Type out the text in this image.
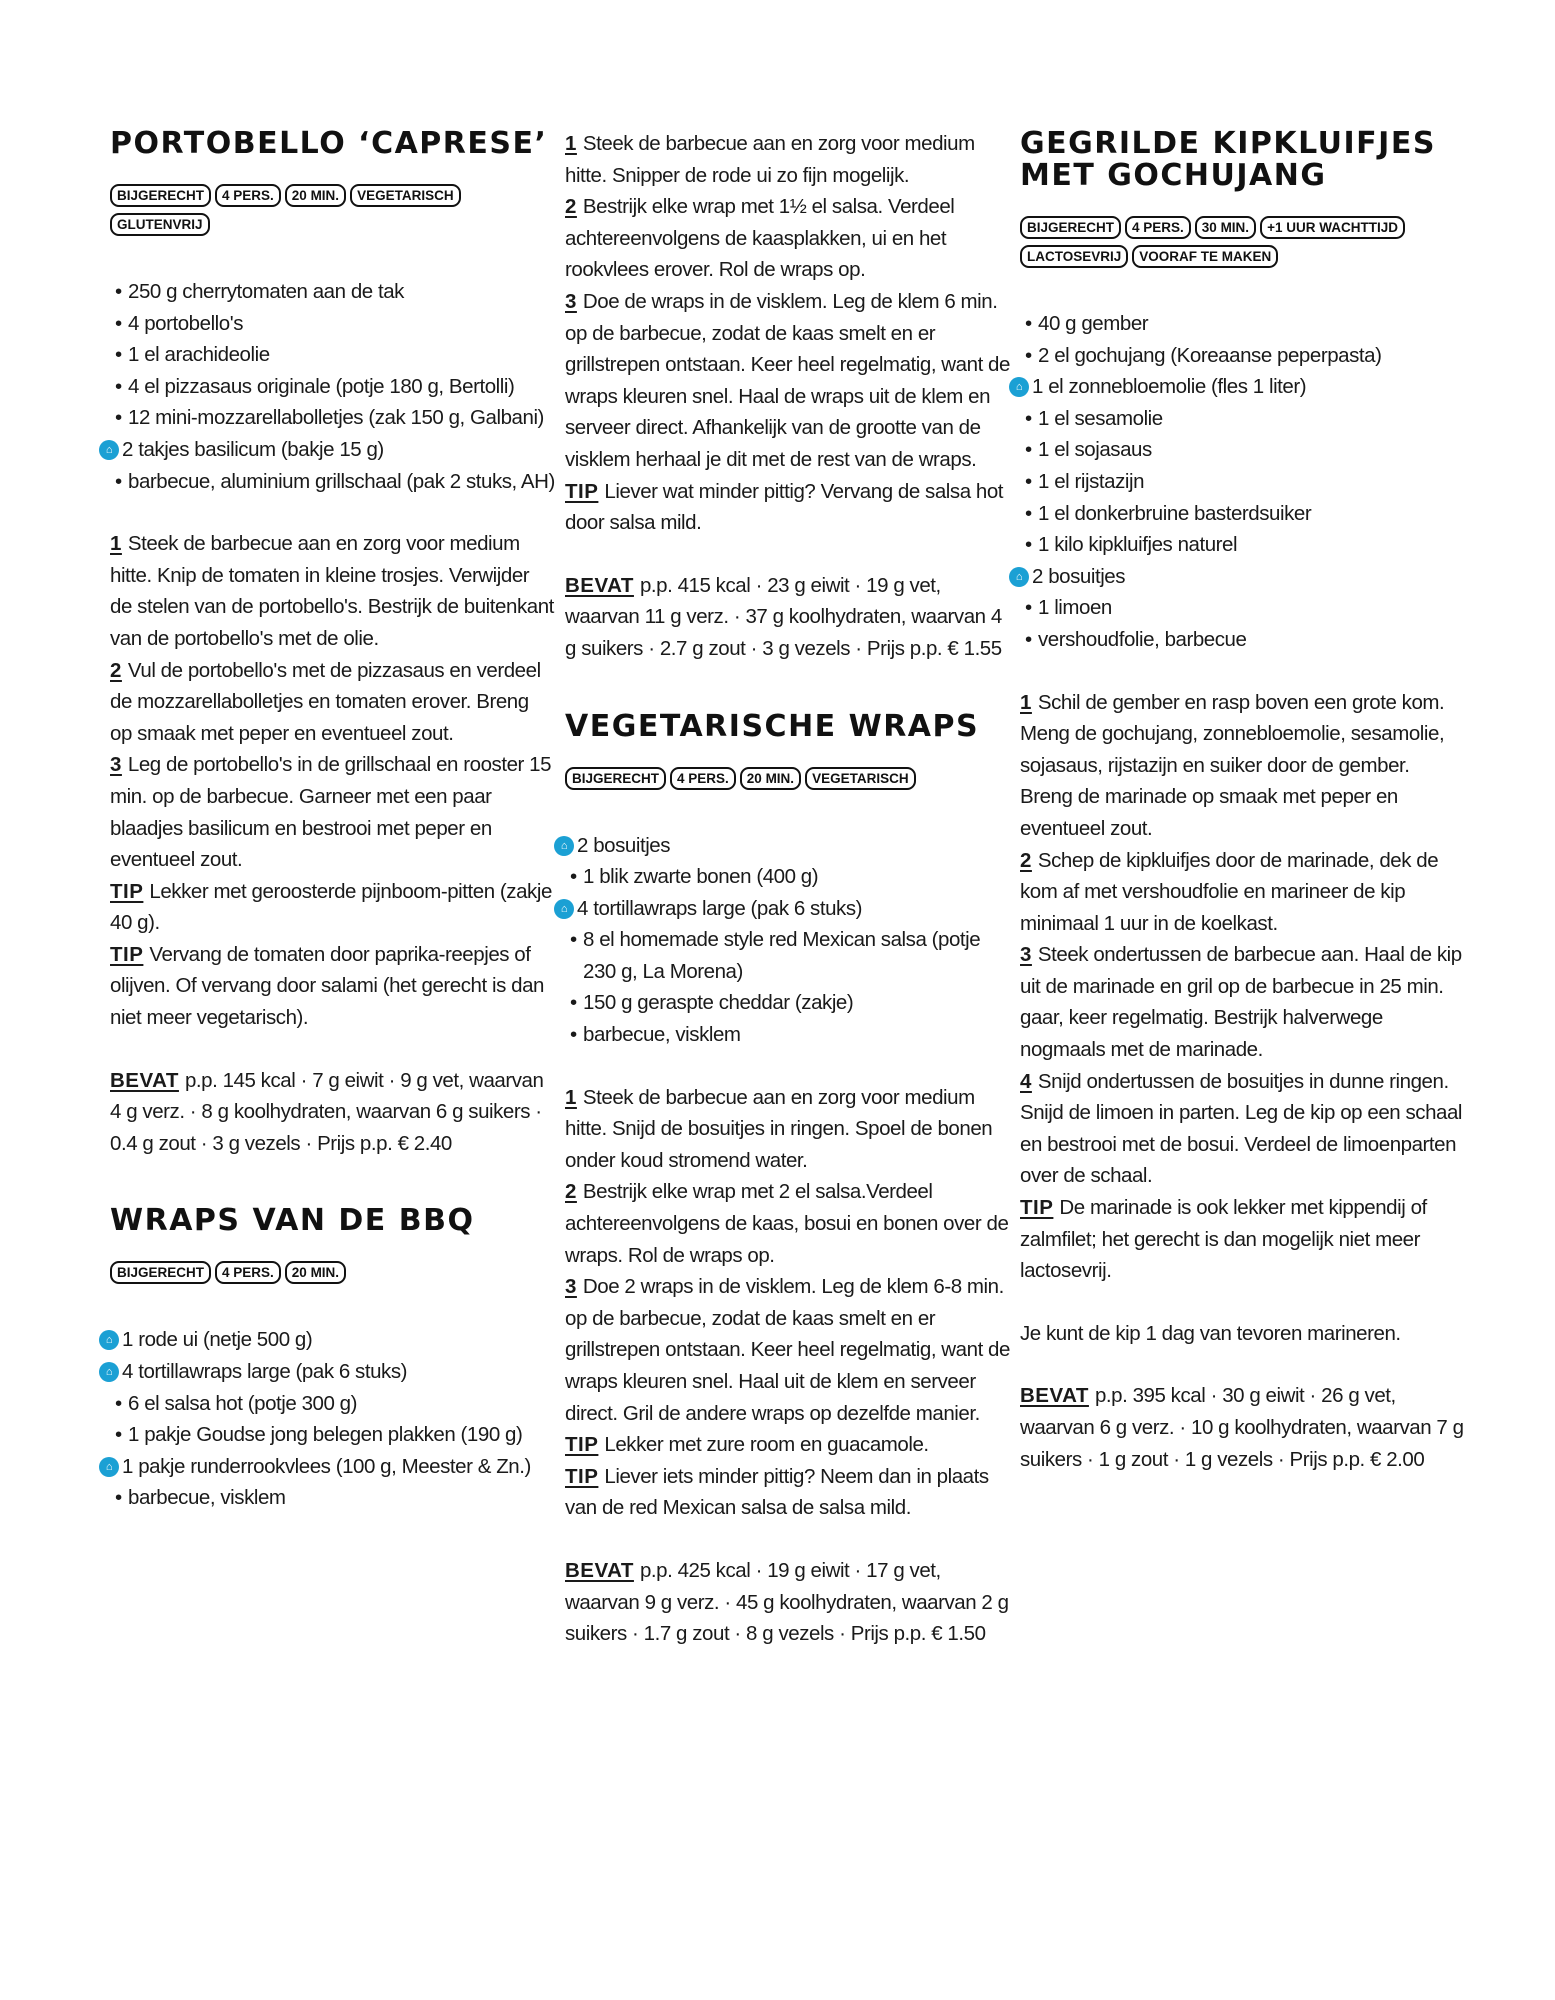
PORTOBELLO ‘CAPRESE’
BIJGERECHT	4 PERS.	20 MIN.	VEGETARISCH
GLUTENVRIJ
• 250 g cherrytomaten aan de tak
• 4 portobello's
• 1 el arachideolie
• 4 el pizzasaus originale (potje 180 g, Bertolli)
• 12 mini-mozzarellabolletjes (zak 150 g, Galbani)
⌂ 2 takjes basilicum (bakje 15 g)
• barbecue, aluminium grillschaal (pak 2 stuks, AH)
1 Steek de barbecue aan en zorg voor medium hitte. Knip de tomaten in kleine trosjes. Verwijder de stelen van de portobello's. Bestrijk de buitenkant van de portobello's met de olie.
2 Vul de portobello's met de pizzasaus en verdeel de mozzarellabolletjes en tomaten erover. Breng op smaak met peper en eventueel zout.
3 Leg de portobello's in de grillschaal en rooster 15 min. op de barbecue. Garneer met een paar blaadjes basilicum en bestrooi met peper en eventueel zout.
TIP Lekker met geroosterde pijnboom-pitten (zakje 40 g).
TIP Vervang de tomaten door paprika-reepjes of olijven. Of vervang door salami (het gerecht is dan niet meer vegetarisch).
BEVAT p.p. 145 kcal · 7 g eiwit · 9 g vet, waarvan 4 g verz. · 8 g koolhydraten, waarvan 6 g suikers · 0.4 g zout · 3 g vezels · Prijs p.p. € 2.40
WRAPS VAN DE BBQ
BIJGERECHT	4 PERS.	20 MIN.
⌂ 1 rode ui (netje 500 g)
⌂ 4 tortillawraps large (pak 6 stuks)
• 6 el salsa hot (potje 300 g)
• 1 pakje Goudse jong belegen plakken (190 g)
⌂ 1 pakje runderrookvlees (100 g, Meester & Zn.)
• barbecue, visklem
1 Steek de barbecue aan en zorg voor medium hitte. Snipper de rode ui zo fijn mogelijk.
2 Bestrijk elke wrap met 1½ el salsa. Verdeel achtereenvolgens de kaasplakken, ui en het rookvlees erover. Rol de wraps op.
3 Doe de wraps in de visklem. Leg de klem 6 min. op de barbecue, zodat de kaas smelt en er grillstrepen ontstaan. Keer heel regelmatig, want de wraps kleuren snel. Haal de wraps uit de klem en serveer direct. Afhankelijk van de grootte van de visklem herhaal je dit met de rest van de wraps.
TIP Liever wat minder pittig? Vervang de salsa hot door salsa mild.
BEVAT p.p. 415 kcal · 23 g eiwit · 19 g vet, waarvan 11 g verz. · 37 g koolhydraten, waarvan 4 g suikers · 2.7 g zout · 3 g vezels · Prijs p.p. € 1.55
VEGETARISCHE WRAPS
BIJGERECHT	4 PERS.	20 MIN.	VEGETARISCH
⌂ 2 bosuitjes
• 1 blik zwarte bonen (400 g)
⌂ 4 tortillawraps large (pak 6 stuks)
• 8 el homemade style red Mexican salsa (potje 230 g, La Morena)
• 150 g geraspte cheddar (zakje)
• barbecue, visklem
1 Steek de barbecue aan en zorg voor medium hitte. Snijd de bosuitjes in ringen. Spoel de bonen onder koud stromend water.
2 Bestrijk elke wrap met 2 el salsa.Verdeel achtereenvolgens de kaas, bosui en bonen over de wraps. Rol de wraps op.
3 Doe 2 wraps in de visklem. Leg de klem 6-8 min. op de barbecue, zodat de kaas smelt en er grillstrepen ontstaan. Keer heel regelmatig, want de wraps kleuren snel. Haal uit de klem en serveer direct. Gril de andere wraps op dezelfde manier.
TIP Lekker met zure room en guacamole.
TIP Liever iets minder pittig? Neem dan in plaats van de red Mexican salsa de salsa mild.
BEVAT p.p. 425 kcal · 19 g eiwit · 17 g vet, waarvan 9 g verz. · 45 g koolhydraten, waarvan 2 g suikers · 1.7 g zout · 8 g vezels · Prijs p.p. € 1.50
GEGRILDE KIPKLUIFJES
MET GOCHUJANG
BIJGERECHT	4 PERS.	30 MIN.	+1 UUR WACHTTIJD
LACTOSEVRIJ	VOORAF TE MAKEN
• 40 g gember
• 2 el gochujang (Koreaanse peperpasta)
⌂ 1 el zonnebloemolie (fles 1 liter)
• 1 el sesamolie
• 1 el sojasaus
• 1 el rijstazijn
• 1 el donkerbruine basterdsuiker
• 1 kilo kipkluifjes naturel
⌂ 2 bosuitjes
• 1 limoen
• vershoudfolie, barbecue
1 Schil de gember en rasp boven een grote kom. Meng de gochujang, zonnebloemolie, sesamolie, sojasaus, rijstazijn en suiker door de gember. Breng de marinade op smaak met peper en eventueel zout.
2 Schep de kipkluifjes door de marinade, dek de kom af met vershoudfolie en marineer de kip minimaal 1 uur in de koelkast.
3 Steek ondertussen de barbecue aan. Haal de kip uit de marinade en gril op de barbecue in 25 min. gaar, keer regelmatig. Bestrijk halverwege nogmaals met de marinade.
4 Snijd ondertussen de bosuitjes in dunne ringen. Snijd de limoen in parten. Leg de kip op een schaal en bestrooi met de bosui. Verdeel de limoenparten over de schaal.
TIP De marinade is ook lekker met kippendij of zalmfilet; het gerecht is dan mogelijk niet meer lactosevrij.
Je kunt de kip 1 dag van tevoren marineren.
BEVAT p.p. 395 kcal · 30 g eiwit · 26 g vet, waarvan 6 g verz. · 10 g koolhydraten, waarvan 7 g suikers · 1 g zout · 1 g vezels · Prijs p.p. € 2.00
